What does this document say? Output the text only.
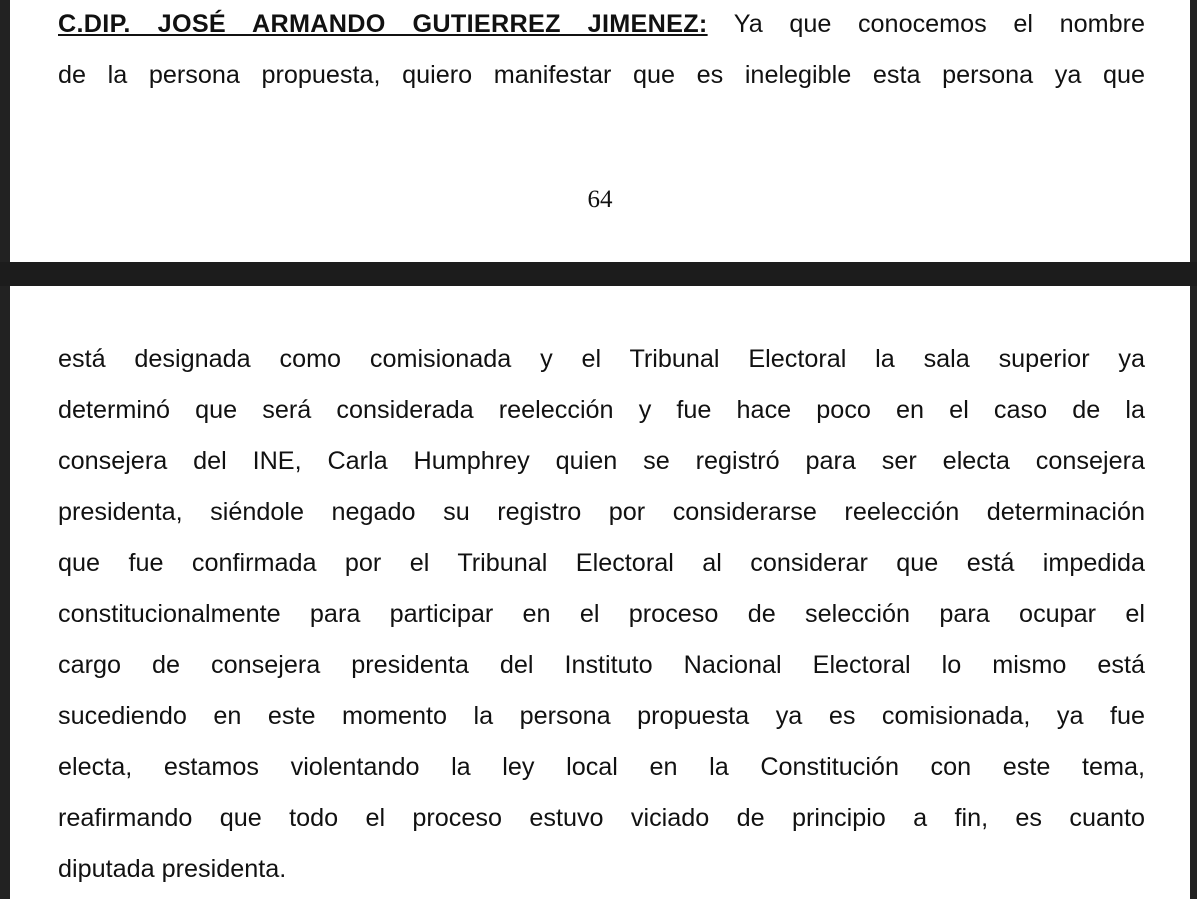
C.DIP. JOSÉ ARMANDO GUTIERREZ JIMENEZ: Ya que conocemos el nombre
de la persona propuesta, quiero manifestar que es inelegible esta persona ya que
64
está designada como comisionada y el Tribunal Electoral la sala superior ya
determinó que será considerada reelección y fue hace poco en el caso de la
consejera del INE, Carla Humphrey quien se registró para ser electa consejera
presidenta, siéndole negado su registro por considerarse reelección determinación
que fue confirmada por el Tribunal Electoral al considerar que está impedida
constitucionalmente para participar en el proceso de selección para ocupar el
cargo de consejera presidenta del Instituto Nacional Electoral lo mismo está
sucediendo en este momento la persona propuesta ya es comisionada, ya fue
electa, estamos violentando la ley local en la Constitución con este tema,
reafirmando que todo el proceso estuvo viciado de principio a fin, es cuanto
diputada presidenta.
